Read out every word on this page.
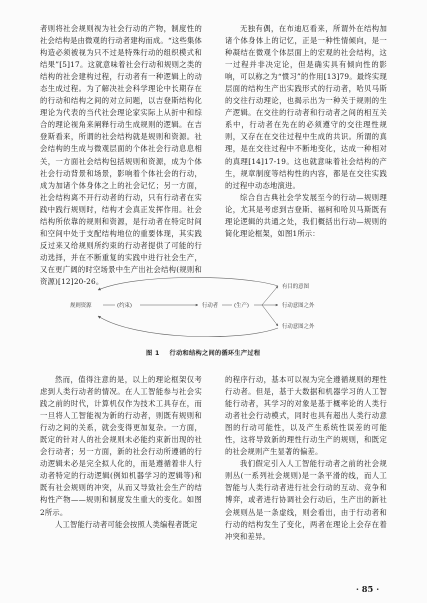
者则将社会规则视为社会行动的产物，制度性的社会结构是由微观的行动者建构而成。“这些集体构造必须被视为只不过是特殊行动的组织模式和结果”[5]17。这就意味着社会行动和规则之类的结构的社会建构过程，行动者有一种逻辑上的动态生成过程。为了解决社会科学理论中长期存在的行动和结构之间的对立问题，以吉登斯结构化理论为代表的当代社会理论家实际上从折中和综合的理论视角来阐释行动生成规则的逻辑。在吉登斯看来，所谓的社会结构就是规则和资源。社会结构的生成与微观层面的个体社会行动息息相关，一方面社会结构包括规则和资源，成为个体社会行动背景和场景，影响着个体社会的行动，成为加诸个体身体之上的社会记忆；另一方面，社会结构离不开行动者的行动，只有行动者在实践中践行规则时，结构才会真正发挥作用。社会结构所依靠的规则和资源，是行动者在特定时间和空间中处于支配结构地位的重要体现，其实践反过来又给规则所约束的行动者提供了可能的行动选择，并在不断重复的实践中进行社会生产，又在更广阔的时空场景中生产出社会结构(规则和资源)[12]20-26。

无独有偶，在布迪厄看来，所谓外在结构加诸个体身体上的记忆，正是一种性情倾向，是一种凝结在微观个体层面上的宏观的社会结构，这一过程并非决定论，但是确实具有倾向性的影响，可以称之为“惯习”的作用[13]79。最终实现层面的结构生产出实践形式的行动者，哈贝马斯的交往行动理论，也揭示出为一种关于规则的生产逻辑。在交往的行动者和行动者之间的相互关系中，行动者在先在的必须遵守的交往理性规则，又存在在交往过程中生成的共识。所谓的真理，是在交往过程中不断地变化，达成一种相对的真理[14]17-19。这也就意味着社会结构的产生，规章制度等结构性的内容，都是在交往实践的过程中动态地演进。

综合自古典社会学发展至今的行动—规则理论，尤其是考虑到吉登斯、福柯和哈贝马斯既有理论逻辑的共通之处，我们概括出行动—规则的简化理论框架，如图1所示：

规则资源	(约束)	行动者	(生产)
有目的意图
行动意图之外
行动意图之外
图 1 行动和结构之间的循环生产过程

然而，值得注意的是，以上的理论框架仅考虑到人类行动者的情况。在人工智能参与社会实践之前的时代，计算机仅作为技术工具存在，而一旦将人工智能视为新的行动者，则既有规则和行动之间的关系，就会变得更加复杂。一方面，既定的针对人的社会规则未必能约束新出现的社会行动者；另一方面，新的社会行动所遵循的行动逻辑未必是完全拟人化的，而是遵循着非人行动者特定的行动逻辑(例如机器学习的逻辑等)和既有社会规则的冲突，从而又导致社会生产的结构性产物——规则和制度发生重大的变化。如图2所示。

人工智能行动者可能会按照人类编程者既定

的程序行动，基本可以视为完全遵循规则的理性行动者。但是，基于大数据和机器学习的人工智能行动者，其学习的对象是基于概率论的人类行动者社会行动模式，同时也具有超出人类行动意图的行动可能性，以及产生系统性误差的可能性，这将导致新的理性行动生产的规则，和既定的社会规则产生显著的偏差。

我们假定引入人工智能行动者之前的社会规则丛(一系列社会规则)是一条平滑的线，而人工智能与人类行动者进行社会行动的互动、竞争和博弈，或者进行协调社会行动后，生产出的新社会规则丛是一条虚线，则会看出，由于行动者和行动的结构发生了变化，两者在理论上会存在着冲突和差异。

· 85 ·
